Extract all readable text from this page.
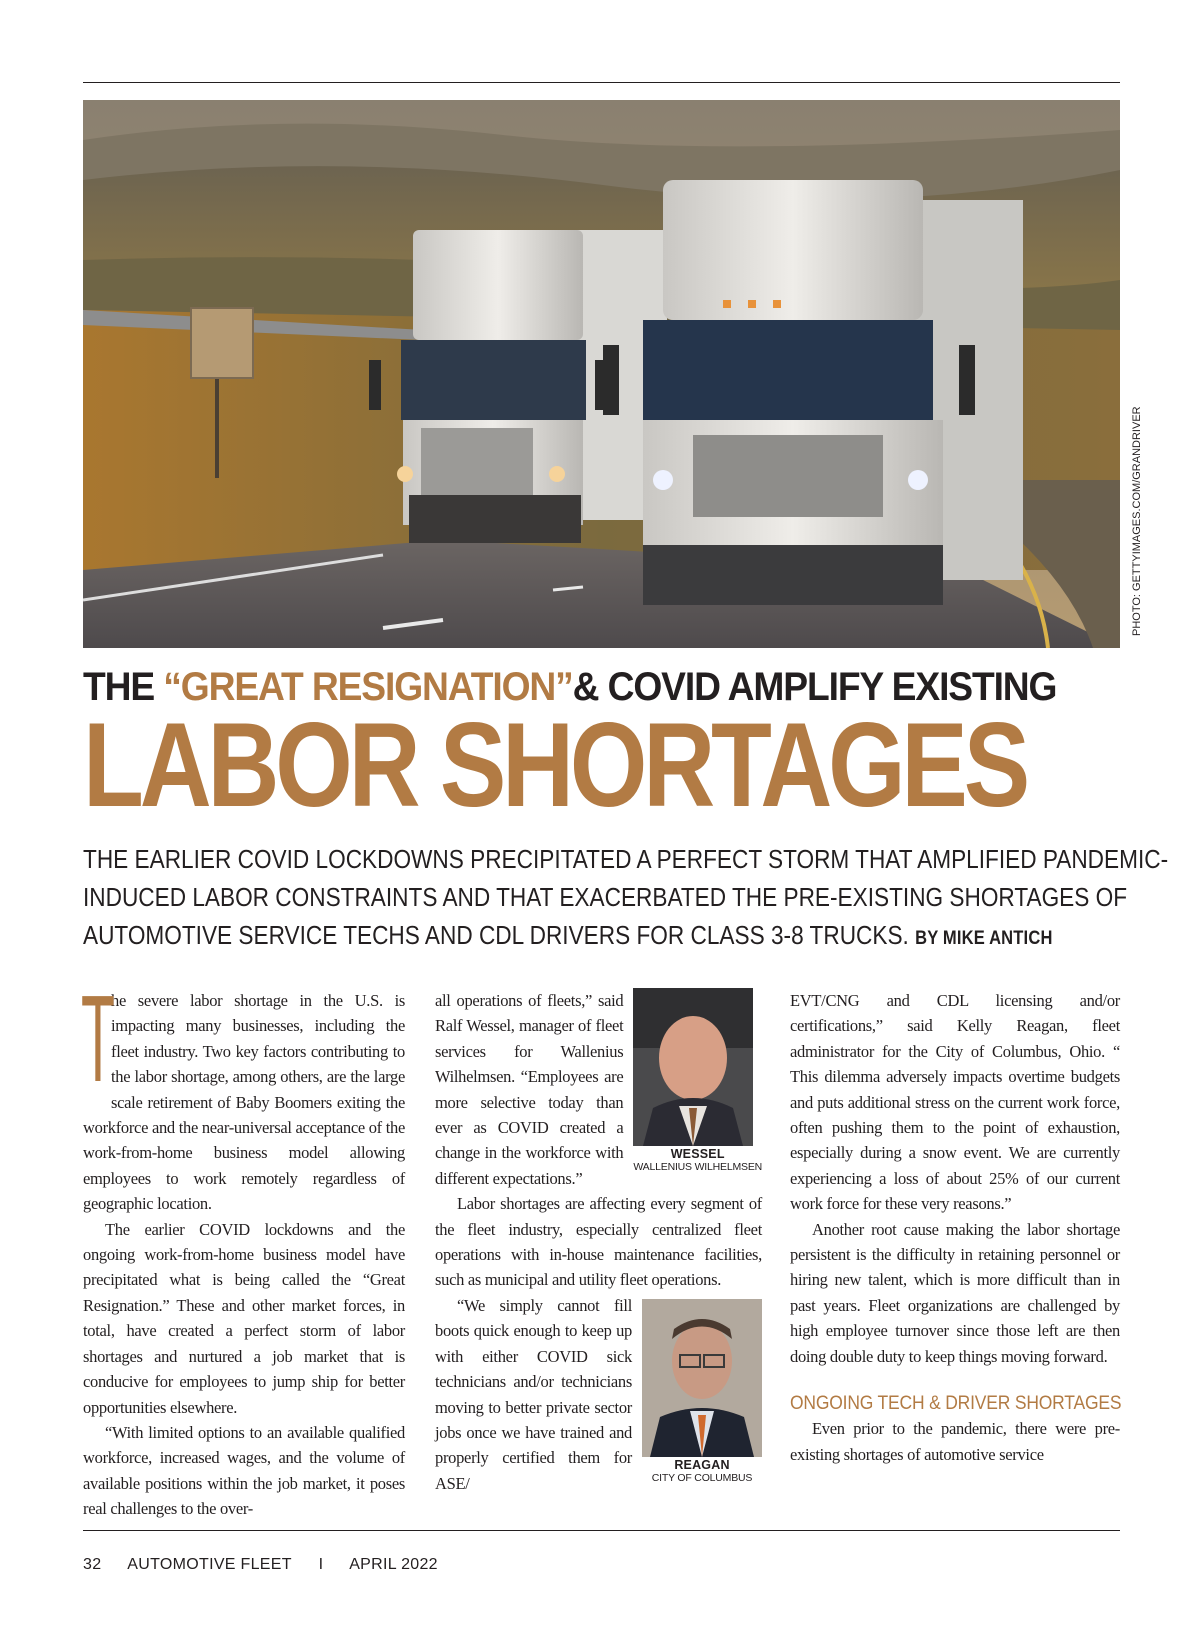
PHOTO: GETTYIMAGES.COM/GRANDRIVER
THE “GREAT RESIGNATION”& COVID AMPLIFY EXISTING
LABOR SHORTAGES
THE EARLIER COVID LOCKDOWNS PRECIPITATED A PERFECT STORM THAT AMPLIFIED PANDEMIC-
INDUCED LABOR CONSTRAINTS AND THAT EXACERBATED THE PRE-EXISTING SHORTAGES OF
AUTOMOTIVE SERVICE TECHS AND CDL DRIVERS FOR CLASS 3-8 TRUCKS. BY MIKE ANTICH

T
he severe labor shortage in the U.S. is impacting many businesses, including the fleet industry. Two key factors contributing to the labor shortage, among others, are the large scale retirement of Baby Boomers exiting the workforce and the near-universal acceptance of the work-from-home business model allowing employees to work remotely regardless of geographic location.

The earlier COVID lockdowns and the ongoing work-from-home business model have precipitated what is being called the “Great Resignation.” These and other market forces, in total, have created a perfect storm of labor shortages and nurtured a job market that is conducive for employees to jump ship for better opportunities elsewhere.

“With limited options to an available qualified workforce, increased wages, and the volume of available positions within the job market, it poses real challenges to the over-

WESSEL
WALLENIUS WILHELMSEN

all operations of fleets,” said Ralf Wessel, manager of fleet services for Wallenius Wilhelmsen. “Employees are more selective today than ever as COVID created a change in the workforce with different expectations.”

Labor shortages are affecting every segment of the fleet industry, especially centralized fleet operations with in-house maintenance facilities, such as municipal and utility fleet operations.

REAGAN
CITY OF COLUMBUS

“We simply cannot fill boots quick enough to keep up with either COVID sick technicians and/or technicians moving to better private sector jobs once we have trained and properly certified them for ASE/

EVT/CNG and CDL licensing and/or certifications,” said Kelly Reagan, fleet administrator for the City of Columbus, Ohio. “ This dilemma adversely impacts overtime budgets and puts additional stress on the current work force, often pushing them to the point of exhaustion, especially during a snow event. We are currently experiencing a loss of about 25% of our current work force for these very reasons.”

Another root cause making the labor shortage persistent is the difficulty in retaining personnel or hiring new talent, which is more difficult than in past years. Fleet organizations are challenged by high employee turnover since those left are then doing double duty to keep things moving forward.

ONGOING TECH & DRIVER SHORTAGES

Even prior to the pandemic, there were pre-existing shortages of automotive service

32 AUTOMOTIVE FLEET I APRIL 2022
